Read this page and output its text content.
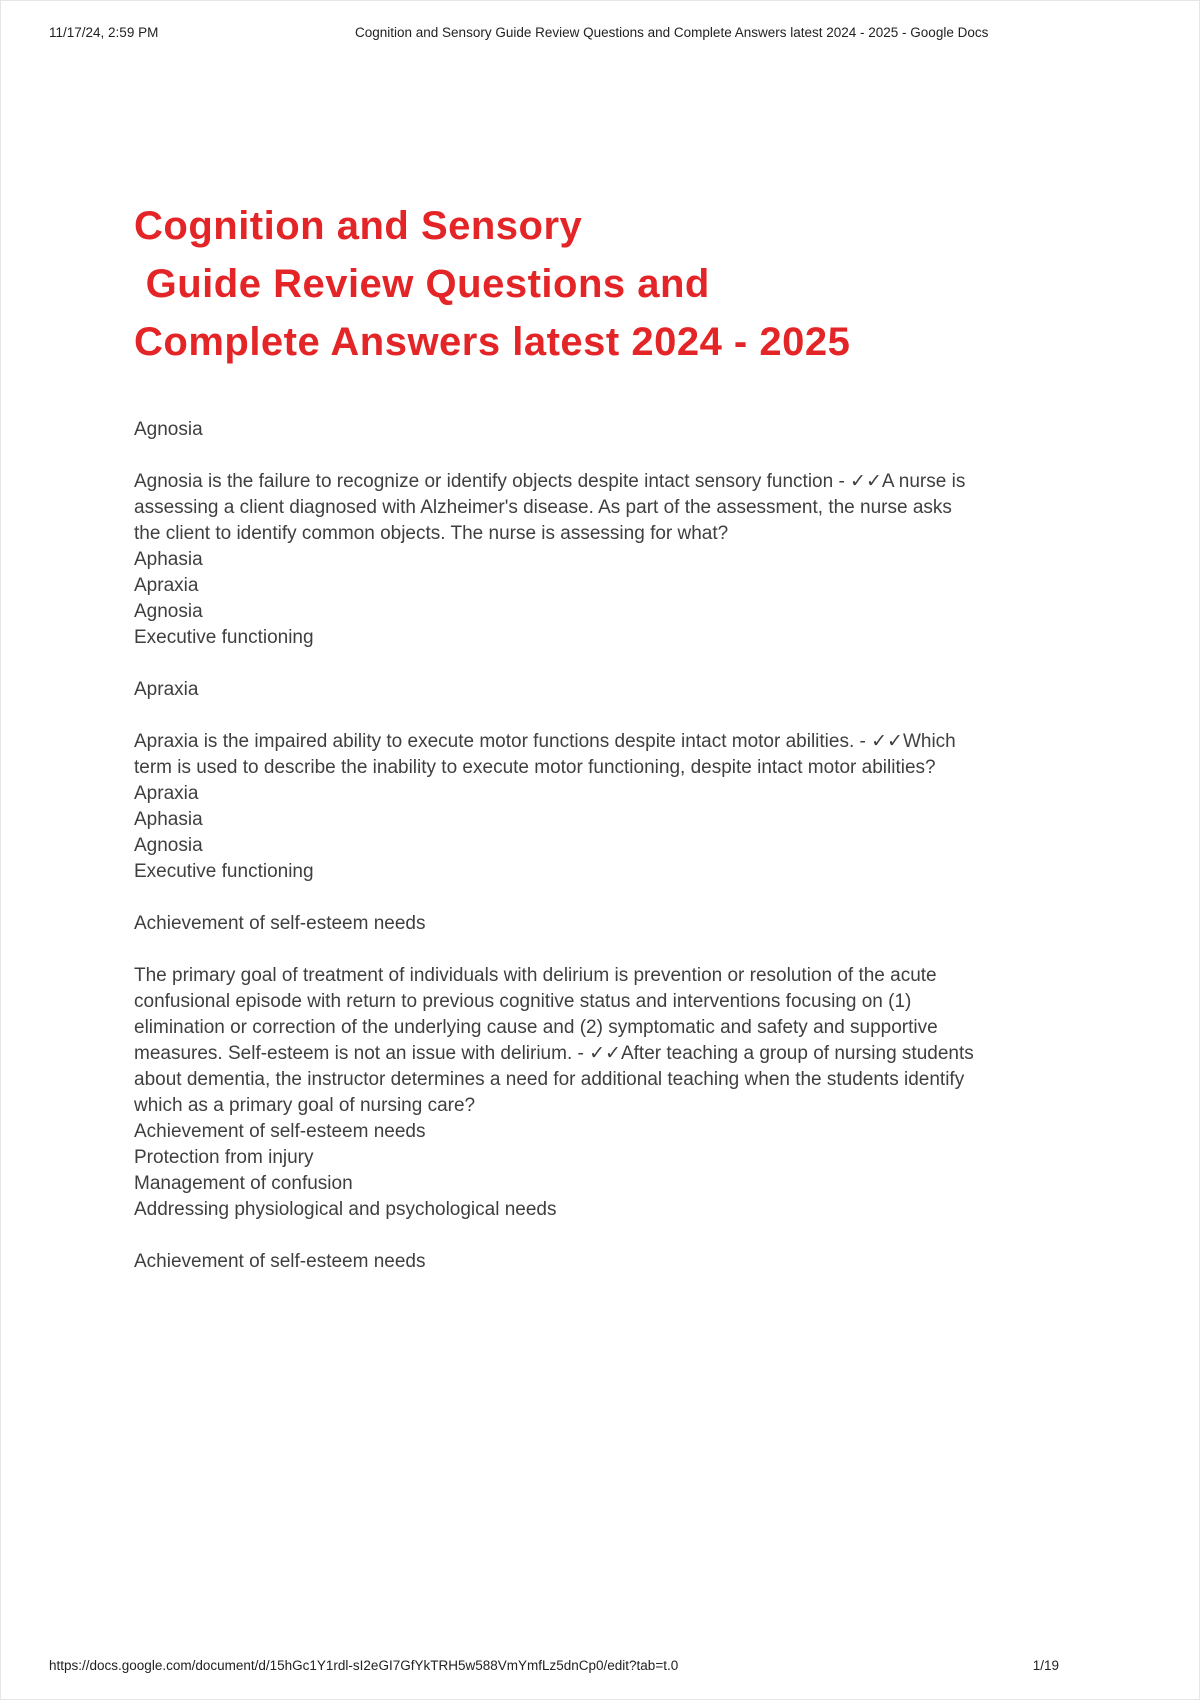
11/17/24, 2:59 PM	Cognition and Sensory Guide Review Questions and Complete Answers latest 2024 - 2025 - Google Docs
Cognition and Sensory
Guide Review Questions and
Complete Answers latest 2024 - 2025
Agnosia
Agnosia is the failure to recognize or identify objects despite intact sensory function - ✓✓A nurse is assessing a client diagnosed with Alzheimer's disease. As part of the assessment, the nurse asks the client to identify common objects. The nurse is assessing for what?
Aphasia
Apraxia
Agnosia
Executive functioning
Apraxia
Apraxia is the impaired ability to execute motor functions despite intact motor abilities. - ✓✓Which term is used to describe the inability to execute motor functioning, despite intact motor abilities?
Apraxia
Aphasia
Agnosia
Executive functioning
Achievement of self-esteem needs
The primary goal of treatment of individuals with delirium is prevention or resolution of the acute confusional episode with return to previous cognitive status and interventions focusing on (1) elimination or correction of the underlying cause and (2) symptomatic and safety and supportive measures. Self-esteem is not an issue with delirium. - ✓✓After teaching a group of nursing students about dementia, the instructor determines a need for additional teaching when the students identify which as a primary goal of nursing care?
Achievement of self-esteem needs
Protection from injury
Management of confusion
Addressing physiological and psychological needs
Achievement of self-esteem needs
https://docs.google.com/document/d/15hGc1Y1rdl-sI2eGI7GfYkTRH5w588VmYmfLz5dnCp0/edit?tab=t.0	1/19
